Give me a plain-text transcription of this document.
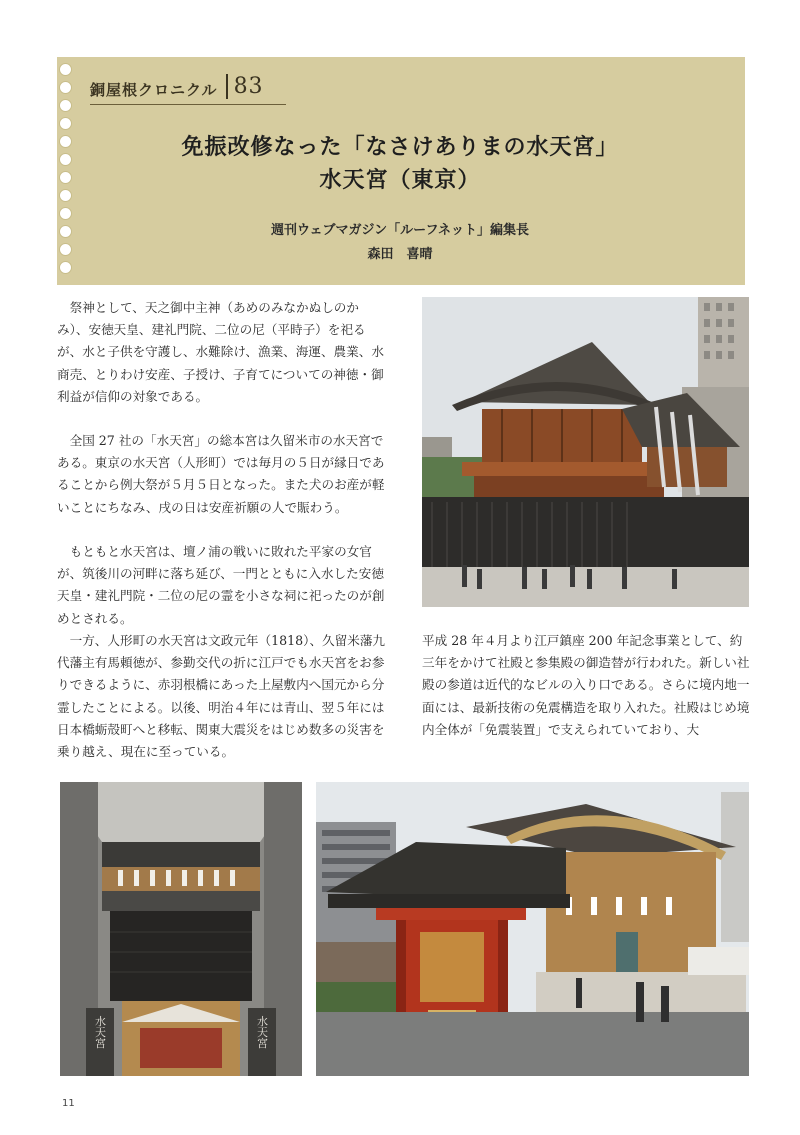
銅屋根クロニクル 83
免振改修なった「なさけありまの水天宮」
水天宮（東京）
週刊ウェブマガジン「ルーフネット」編集長
森田　喜晴
　祭神として、天之御中主神（あめのみなかぬしのかみ）、安徳天皇、建礼門院、二位の尼（平時子）を祀るが、水と子供を守護し、水難除け、漁業、海運、農業、水商売、とりわけ安産、子授け、子育てについての神徳・御利益が信仰の対象である。
　全国 27 社の「水天宮」の総本宮は久留米市の水天宮である。東京の水天宮（人形町）では毎月の５日が縁日であることから例大祭が５月５日となった。また犬のお産が軽いことにちなみ、戌の日は安産祈願の人で賑わう。
　もともと水天宮は、壇ノ浦の戦いに敗れた平家の女官が、筑後川の河畔に落ち延び、一門とともに入水した安徳天皇・建礼門院・二位の尼の霊を小さな祠に祀ったのが創めとされる。
　一方、人形町の水天宮は文政元年（1818）、久留米藩九代藩主有馬頼徳が、参勤交代の折に江戸でも水天宮をお参りできるように、赤羽根橋にあった上屋敷内へ国元から分霊したことによる。以後、明治４年には青山、翌５年には日本橋蛎殻町へと移転、関東大震災をはじめ数多の災害を乗り越え、現在に至っている。
平成 28 年４月より江戸鎮座 200 年記念事業として、約三年をかけて社殿と参集殿の御造替が行われた。新しい社殿の参道は近代的なビルの入り口である。さらに境内地一面には、最新技術の免震構造を取り入れた。社殿はじめ境内全体が「免震装置」で支えられていており、大
水天宮	水天宮
11
